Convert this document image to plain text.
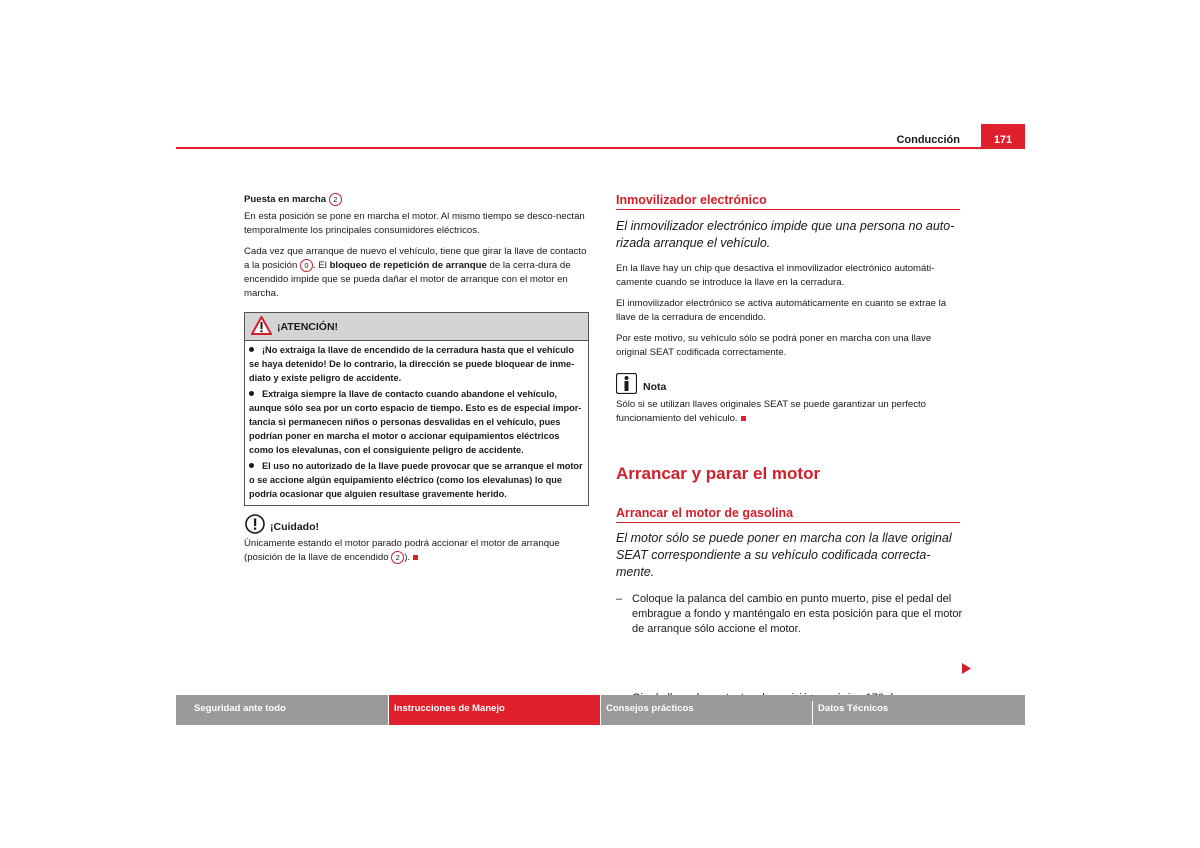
Conducción	171

Puesta en marcha 2

En esta posición se pone en marcha el motor. Al mismo tiempo se desco-nectan temporalmente los principales consumidores eléctricos.

Cada vez que arranque de nuevo el vehículo, tiene que girar la llave de contacto a la posición 0 . El bloqueo de repetición de arranque de la cerra-dura de encendido impide que se pueda dañar el motor de arranque con el motor en marcha.

¡ATENCIÓN!

¡No extraiga la llave de encendido de la cerradura hasta que el vehículo se haya detenido! De lo contrario, la dirección se puede bloquear de inme-diato y existe peligro de accidente.

Extraiga siempre la llave de contacto cuando abandone el vehículo, aunque sólo sea por un corto espacio de tiempo. Esto es de especial impor-tancia si permanecen niños o personas desvalidas en el vehículo, pues podrían poner en marcha el motor o accionar equipamientos eléctricos como los elevalunas, con el consiguiente peligro de accidente.

El uso no autorizado de la llave puede provocar que se arranque el motor o se accione algún equipamiento eléctrico (como los elevalunas) lo que podría ocasionar que alguien resultase gravemente herido.

¡Cuidado!
Únicamente estando el motor parado podrá accionar el motor de arranque (posición de la llave de encendido 2 ).
Inmovilizador electrónico
El inmovilizador electrónico impide que una persona no auto-rizada arranque el vehículo.

En la llave hay un chip que desactiva el inmovilizador electrónico automáti-camente cuando se introduce la llave en la cerradura.

El inmovilizador electrónico se activa automáticamente en cuanto se extrae la llave de la cerradura de encendido.

Por este motivo, su vehículo sólo se podrá poner en marcha con una llave original SEAT codificada correctamente.

Nota
Sólo si se utilizan llaves originales SEAT se puede garantizar un perfecto funcionamiento del vehículo.
Arrancar y parar el motor
Arrancar el motor de gasolina
El motor sólo se puede poner en marcha con la llave original SEAT correspondiente a su vehículo codificada correcta-mente.
– Coloque la palanca del cambio en punto muerto, pise el pedal del embrague a fondo y manténgalo en esta posición para que el motor de arranque sólo accione el motor.
Seguridad ante todo	Instrucciones de Manejo	Consejos prácticos	Datos Técnicos
